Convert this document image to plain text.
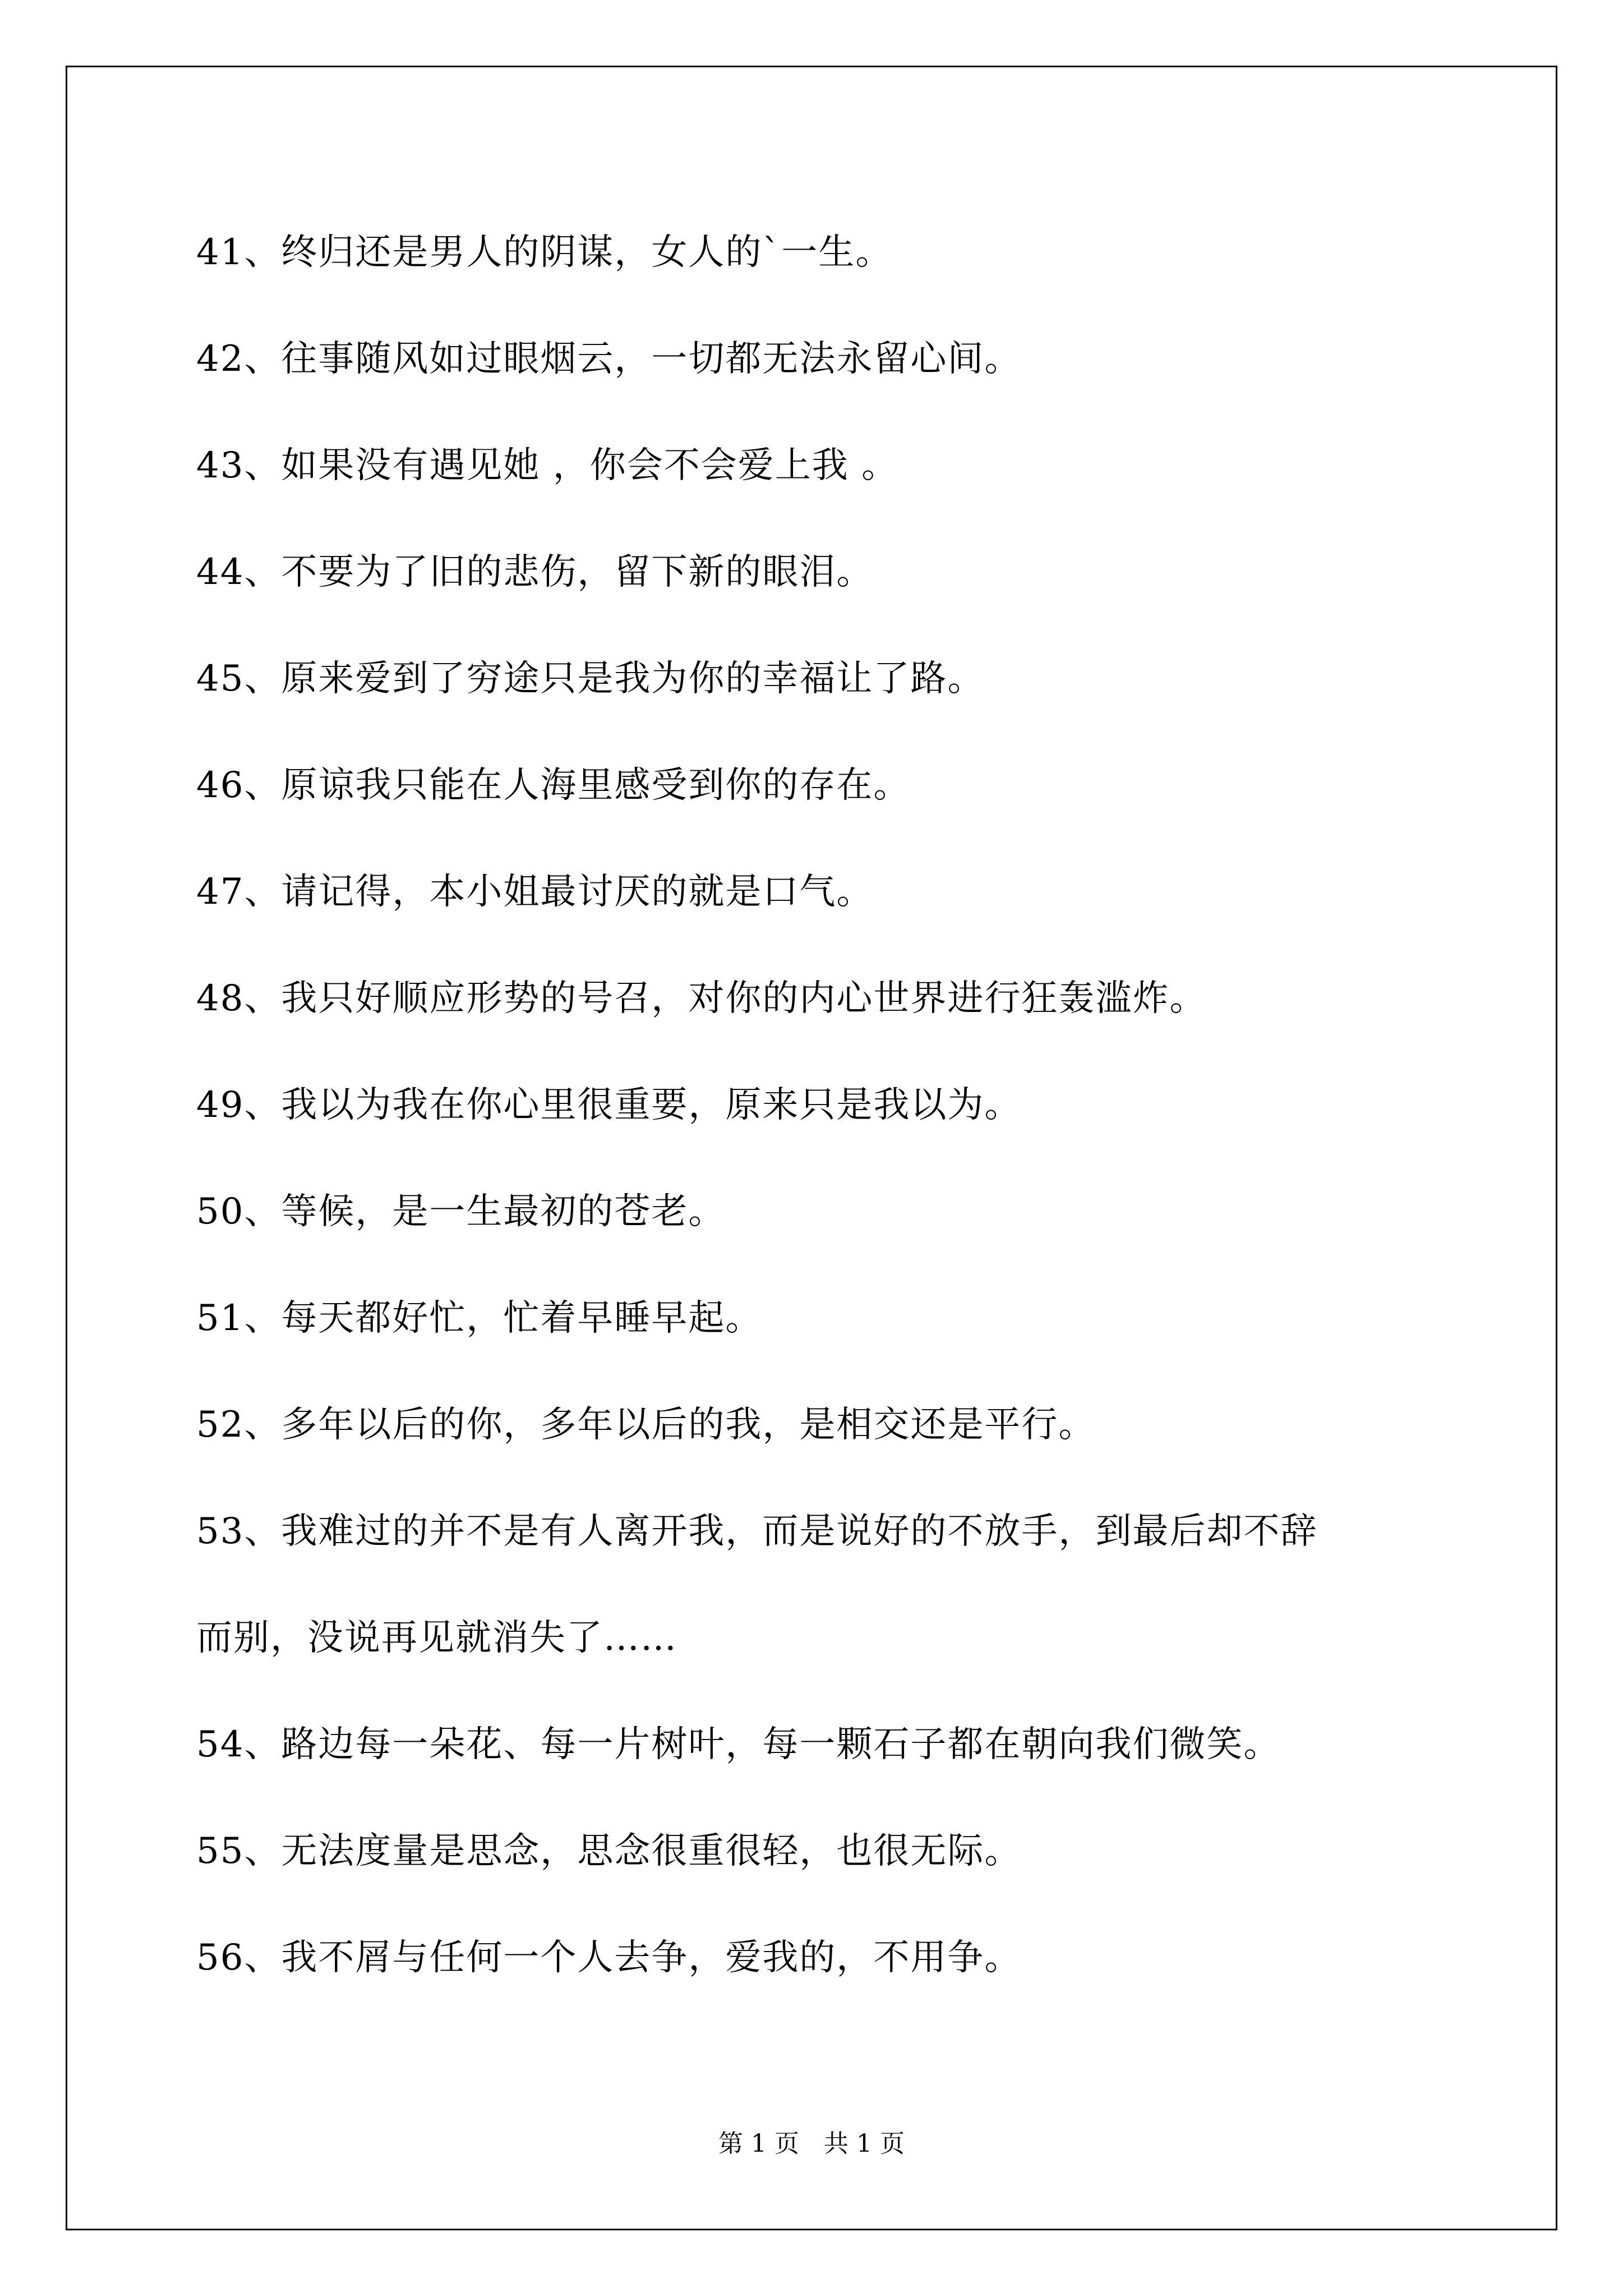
41、终归还是男人的阴谋，女人的`一生。
42、往事随风如过眼烟云，一切都无法永留心间。
43、如果没有遇见她 ，你会不会爱上我 。
44、不要为了旧的悲伤，留下新的眼泪。
45、原来爱到了穷途只是我为你的幸福让了路。
46、原谅我只能在人海里感受到你的存在。
47、请记得，本小姐最讨厌的就是口气。
48、我只好顺应形势的号召，对你的内心世界进行狂轰滥炸。
49、我以为我在你心里很重要，原来只是我以为。
50、等候，是一生最初的苍老。
51、每天都好忙，忙着早睡早起。
52、多年以后的你，多年以后的我，是相交还是平行。
53、我难过的并不是有人离开我，而是说好的不放手，到最后却不辞
而别，没说再见就消失了……
54、路边每一朵花、每一片树叶，每一颗石子都在朝向我们微笑。
55、无法度量是思念，思念很重很轻，也很无际。
56、我不屑与任何一个人去争，爱我的，不用争。
第 1 页　共 1 页
